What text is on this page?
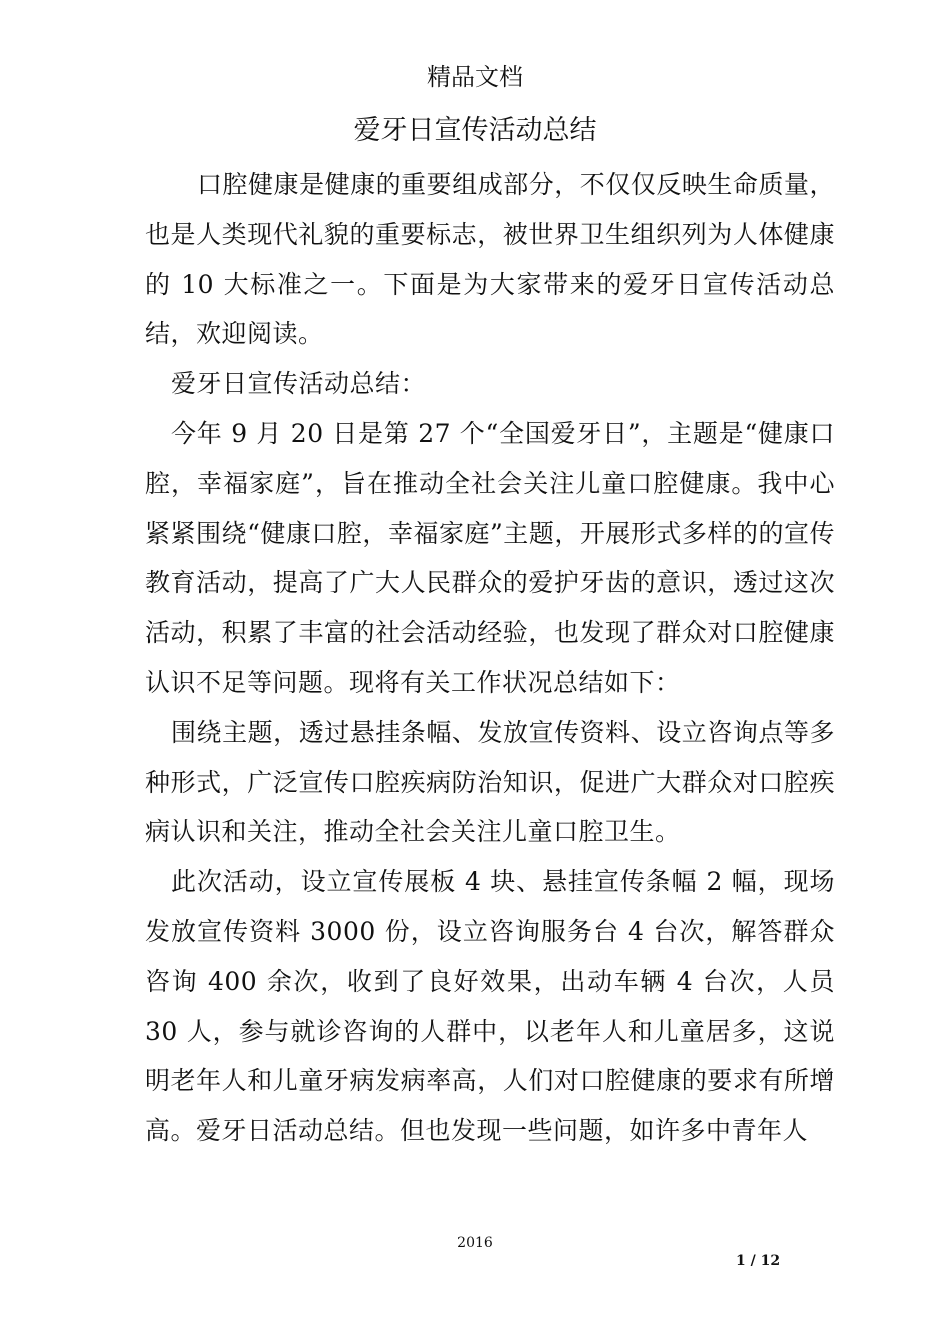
精品文档
爱牙日宣传活动总结

口腔健康是健康的重要组成部分，不仅仅反映生命质量，也是人类现代礼貌的重要标志，被世界卫生组织列为人体健康的 10 大标准之一。下面是为大家带来的爱牙日宣传活动总结，欢迎阅读。

爱牙日宣传活动总结：

今年 9 月 20 日是第 27 个“全国爱牙日”，主题是“健康口腔，幸福家庭”，旨在推动全社会关注儿童口腔健康。我中心紧紧围绕“健康口腔，幸福家庭”主题，开展形式多样的的宣传教育活动，提高了广大人民群众的爱护牙齿的意识，透过这次活动，积累了丰富的社会活动经验，也发现了群众对口腔健康认识不足等问题。现将有关工作状况总结如下：

围绕主题，透过悬挂条幅、发放宣传资料、设立咨询点等多种形式，广泛宣传口腔疾病防治知识，促进广大群众对口腔疾病认识和关注，推动全社会关注儿童口腔卫生。

此次活动，设立宣传展板 4 块、悬挂宣传条幅 2 幅，现场发放宣传资料 3000 份，设立咨询服务台 4 台次，解答群众咨询 400 余次，收到了良好效果，出动车辆 4 台次，人员 30 人，参与就诊咨询的人群中，以老年人和儿童居多，这说明老年人和儿童牙病发病率高，人们对口腔健康的要求有所增高。爱牙日活动总结。但也发现一些问题，如许多中青年人

2016
1 / 12
